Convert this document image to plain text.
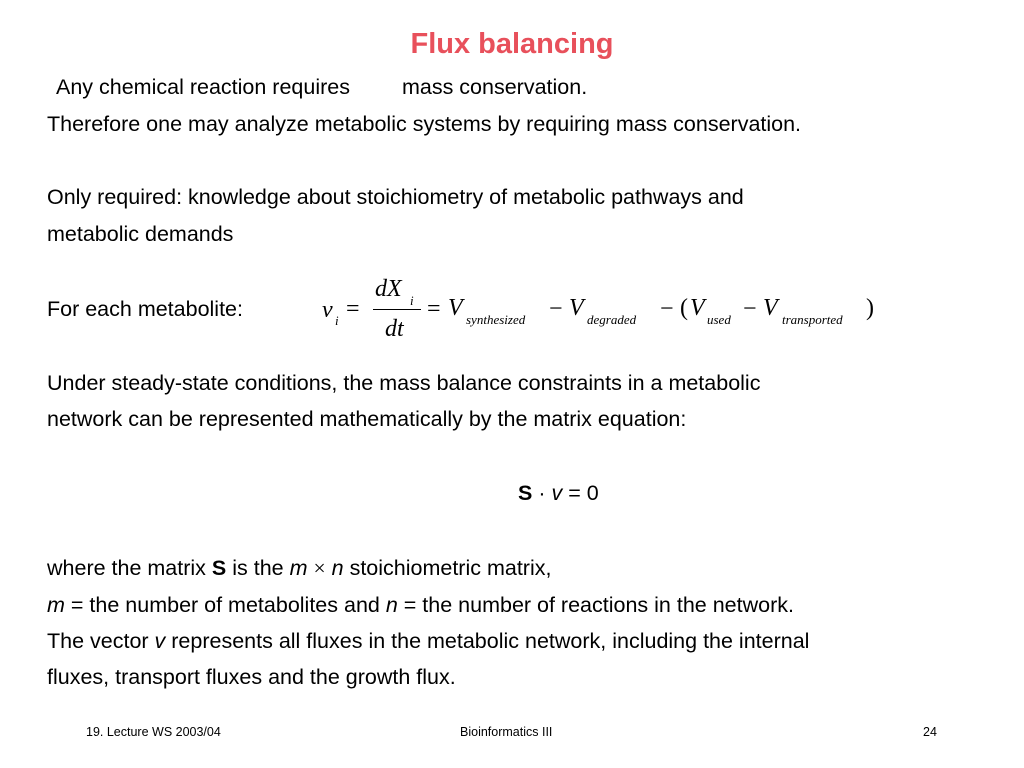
Flux balancing
Any chemical reaction requires mass conservation.
Therefore one may analyze metabolic systems by requiring mass conservation.
Only required: knowledge about stoichiometry of metabolic pathways and
metabolic demands
For each metabolite:	v i =
dX i
dt
= V synthesized − V degraded − ( V used − V transported )
Under steady-state conditions, the mass balance constraints in a metabolic
network can be represented mathematically by the matrix equation:
S · v = 0
where the matrix S is the m × n stoichiometric matrix,
m = the number of metabolites and n = the number of reactions in the network.
The vector v represents all fluxes in the metabolic network, including the internal
fluxes, transport fluxes and the growth flux.
19. Lecture WS 2003/04	Bioinformatics III	24
